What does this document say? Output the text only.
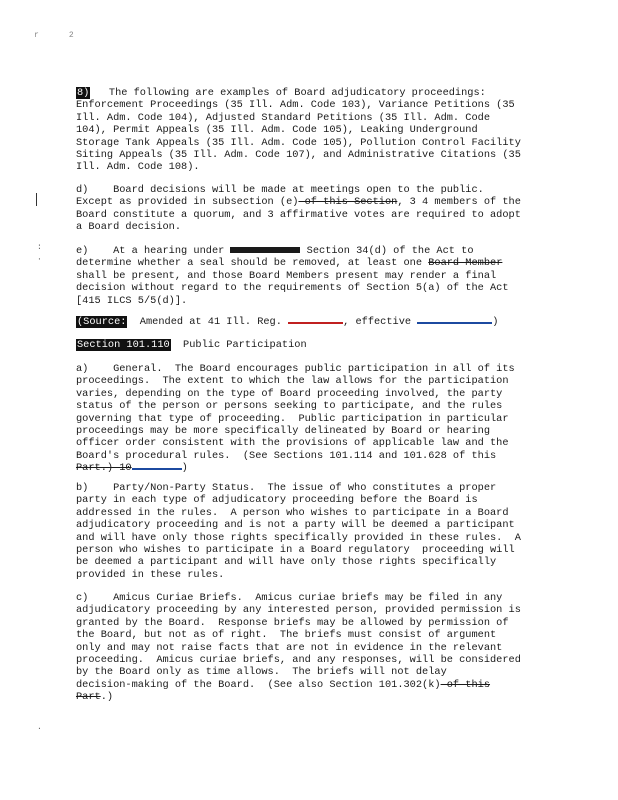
r2
:
·
.
8)   The following are examples of Board adjudicatory proceedings:
Enforcement Proceedings (35 Ill. Adm. Code 103), Variance Petitions (35
Ill. Adm. Code 104), Adjusted Standard Petitions (35 Ill. Adm. Code
104), Permit Appeals (35 Ill. Adm. Code 105), Leaking Underground
Storage Tank Appeals (35 Ill. Adm. Code 105), Pollution Control Facility
Siting Appeals (35 Ill. Adm. Code 107), and Administrative Citations (35
Ill. Adm. Code 108).
d)    Board decisions will be made at meetings open to the public.
Except as provided in subsection (e) of this Section, 3 4 members of the
Board constitute a quorum, and 3 affirmative votes are required to adopt
a Board decision.
e)    At a hearing under	Section 34(d) of the Act to
determine whether a seal should be removed, at least one Board Member
shall be present, and those Board Members present may render a final
decision without regard to the requirements of Section 5(a) of the Act
[415 ILCS 5/5(d)].
(Source:  Amended at 41 Ill. Reg.	, effective	)
Section 101.110  Public Participation
a)    General.  The Board encourages public participation in all of its
proceedings.  The extent to which the law allows for the participation
varies, depending on the type of Board proceeding involved, the party
status of the person or persons seeking to participate, and the rules
governing that type of proceeding.  Public participation in particular
proceedings may be more specifically delineated by Board or hearing
officer order consistent with the provisions of applicable law and the
Board's procedural rules.  (See Sections 101.114 and 101.628 of this
Part.) 10	)
b)    Party/Non-Party Status.  The issue of who constitutes a proper
party in each type of adjudicatory proceeding before the Board is
addressed in the rules.  A person who wishes to participate in a Board
adjudicatory proceeding and is not a party will be deemed a participant
and will have only those rights specifically provided in these rules.  A
person who wishes to participate in a Board regulatory  proceeding will
be deemed a participant and will have only those rights specifically
provided in these rules.
c)    Amicus Curiae Briefs.  Amicus curiae briefs may be filed in any
adjudicatory proceeding by any interested person, provided permission is
granted by the Board.  Response briefs may be allowed by permission of
the Board, but not as of right.  The briefs must consist of argument
only and may not raise facts that are not in evidence in the relevant
proceeding.  Amicus curiae briefs, and any responses, will be considered
by the Board only as time allows.  The briefs will not delay
decision-making of the Board.  (See also Section 101.302(k) of this
Part.)
